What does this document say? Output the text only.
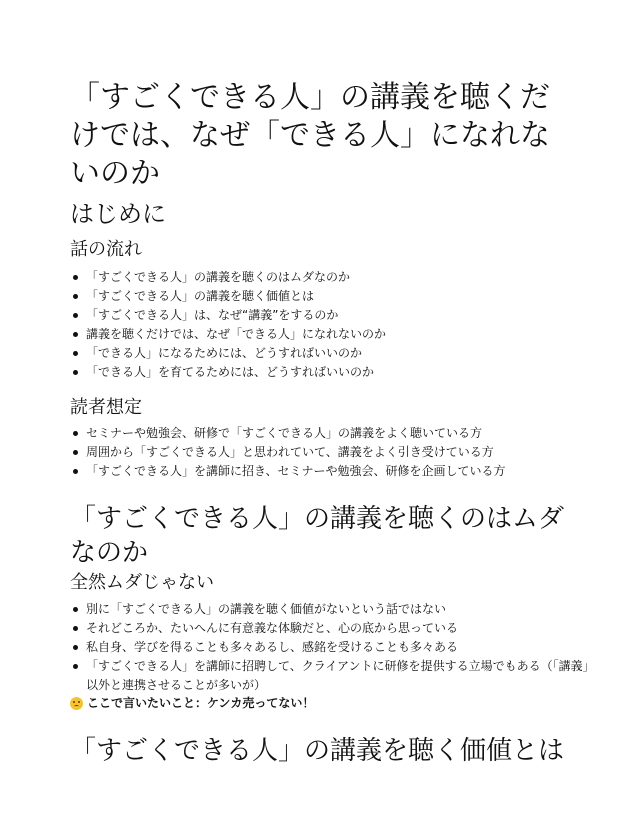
「すごくできる人」の講義を聴くだけでは、なぜ「できる人」になれないのか
はじめに
話の流れ
「すごくできる人」の講義を聴くのはムダなのか
「すごくできる人」の講義を聴く価値とは
「すごくできる人」は、なぜ“講義”をするのか
講義を聴くだけでは、なぜ「できる人」になれないのか
「できる人」になるためには、どうすればいいのか
「できる人」を育てるためには、どうすればいいのか
読者想定
セミナーや勉強会、研修で「すごくできる人」の講義をよく聴いている方
周囲から「すごくできる人」と思われていて、講義をよく引き受けている方
「すごくできる人」を講師に招き、セミナーや勉強会、研修を企画している方
「すごくできる人」の講義を聴くのはムダなのか
全然ムダじゃない
別に「すごくできる人」の講義を聴く価値がないという話ではない
それどころか、たいへんに有意義な体験だと、心の底から思っている
私自身、学びを得ることも多々あるし、感銘を受けることも多々ある
「すごくできる人」を講師に招聘して、クライアントに研修を提供する立場でもある（「講義」以外と連携させることが多いが）
ここで言いたいこと：ケンカ売ってない！
「すごくできる人」の講義を聴く価値とは
